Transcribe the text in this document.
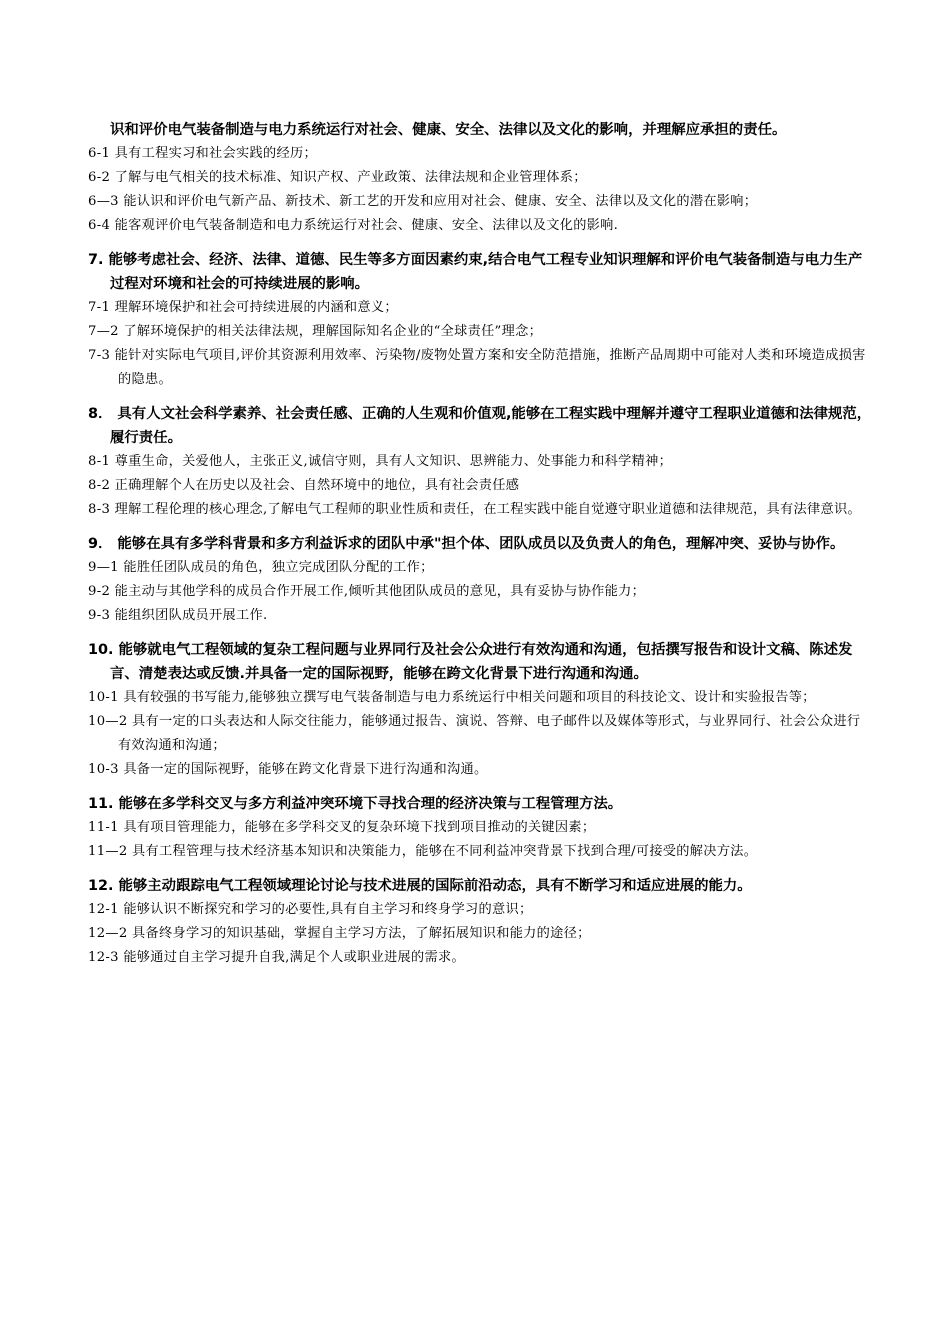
识和评价电气装备制造与电力系统运行对社会、健康、安全、法律以及文化的影响，并理解应承担的责任。

6-1 具有工程实习和社会实践的经历；

6-2 了解与电气相关的技术标准、知识产权、产业政策、法律法规和企业管理体系；

6—3 能认识和评价电气新产品、新技术、新工艺的开发和应用对社会、健康、安全、法律以及文化的潜在影响；

6-4 能客观评价电气装备制造和电力系统运行对社会、健康、安全、法律以及文化的影响.

7. 能够考虑社会、经济、法律、道德、民生等多方面因素约束,结合电气工程专业知识理解和评价电气装备制造与电力生产过程对环境和社会的可持续进展的影响。

7-1 理解环境保护和社会可持续进展的内涵和意义；

7—2 了解环境保护的相关法律法规，理解国际知名企业的“全球责任”理念；

7-3 能针对实际电气项目,评价其资源利用效率、污染物/废物处置方案和安全防范措施，推断产品周期中可能对人类和环境造成损害的隐患。

8． 具有人文社会科学素养、社会责任感、正确的人生观和价值观,能够在工程实践中理解并遵守工程职业道德和法律规范，履行责任。

8-1 尊重生命，关爱他人，主张正义,诚信守则，具有人文知识、思辨能力、处事能力和科学精神；

8-2 正确理解个人在历史以及社会、自然环境中的地位，具有社会责任感

8-3 理解工程伦理的核心理念,了解电气工程师的职业性质和责任，在工程实践中能自觉遵守职业道德和法律规范，具有法律意识。

9． 能够在具有多学科背景和多方利益诉求的团队中承"担个体、团队成员以及负责人的角色，理解冲突、妥协与协作。

9—1 能胜任团队成员的角色，独立完成团队分配的工作；

9-2 能主动与其他学科的成员合作开展工作,倾听其他团队成员的意见，具有妥协与协作能力；

9-3 能组织团队成员开展工作.

10. 能够就电气工程领域的复杂工程问题与业界同行及社会公众进行有效沟通和沟通，包括撰写报告和设计文稿、陈述发言、清楚表达或反馈.并具备一定的国际视野，能够在跨文化背景下进行沟通和沟通。

10-1 具有较强的书写能力,能够独立撰写电气装备制造与电力系统运行中相关问题和项目的科技论文、设计和实验报告等；

10—2 具有一定的口头表达和人际交往能力，能够通过报告、演说、答辩、电子邮件以及媒体等形式，与业界同行、社会公众进行有效沟通和沟通；

10-3 具备一定的国际视野，能够在跨文化背景下进行沟通和沟通。

11. 能够在多学科交叉与多方利益冲突环境下寻找合理的经济决策与工程管理方法。

11-1 具有项目管理能力，能够在多学科交叉的复杂环境下找到项目推动的关键因素；

11—2 具有工程管理与技术经济基本知识和决策能力，能够在不同利益冲突背景下找到合理/可接受的解决方法。

12. 能够主动跟踪电气工程领域理论讨论与技术进展的国际前沿动态，具有不断学习和适应进展的能力。

12-1 能够认识不断探究和学习的必要性,具有自主学习和终身学习的意识；

12—2 具备终身学习的知识基础，掌握自主学习方法，了解拓展知识和能力的途径；

12-3 能够通过自主学习提升自我,满足个人或职业进展的需求。
